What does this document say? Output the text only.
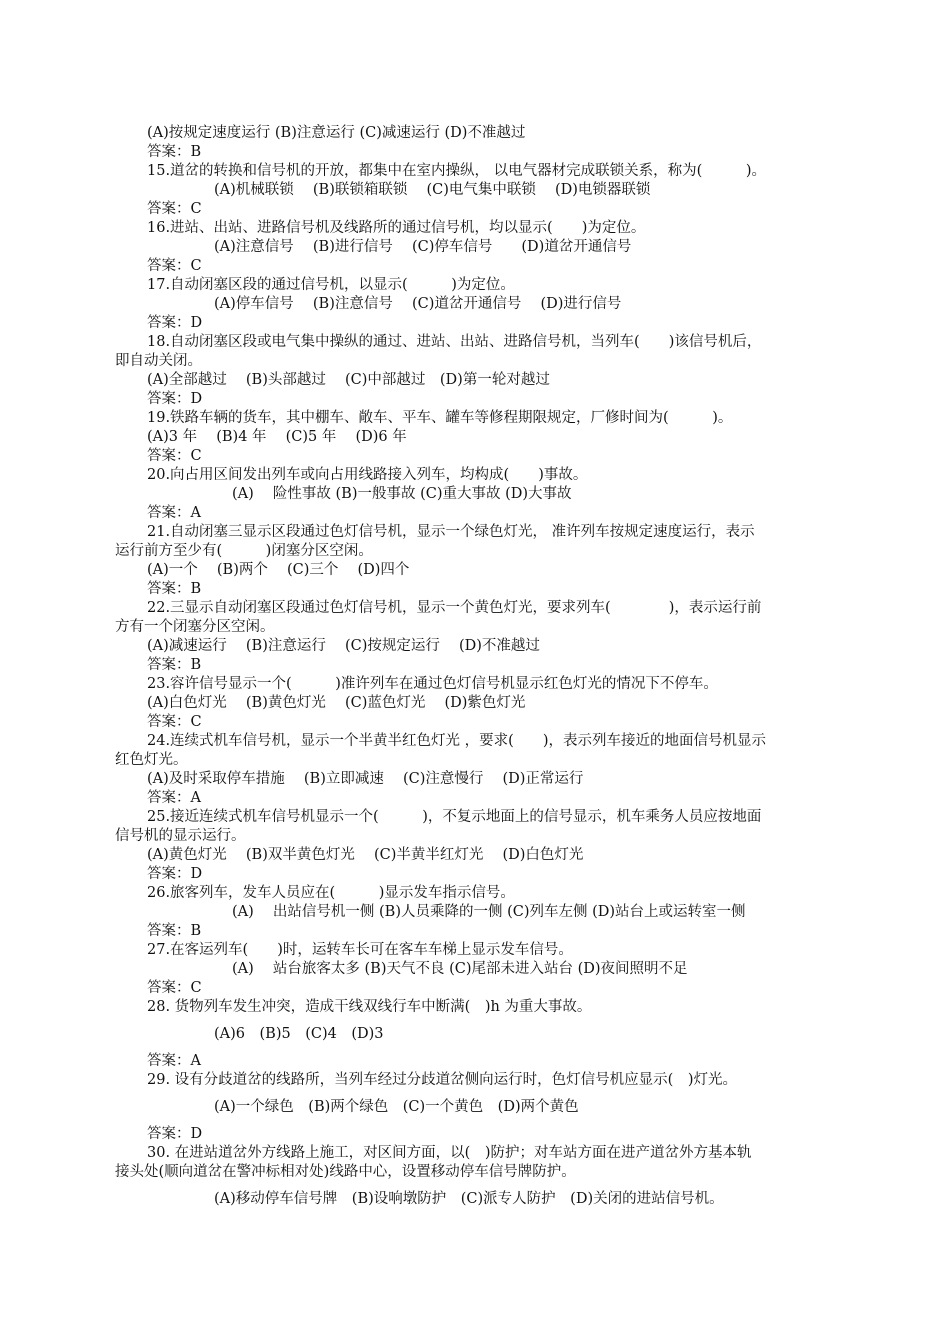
(A)按规定速度运行 (B)注意运行 (C)减速运行 (D)不准越过
答案：B
15.道岔的转换和信号机的开放，都集中在室内操纵， 以电气器材完成联锁关系，称为(　　　)。
(A)机械联锁　 (B)联锁箱联锁　 (C)电气集中联锁　 (D)电锁器联锁
答案：C
16.进站、出站、进路信号机及线路所的通过信号机，均以显示(　　)为定位。
(A)注意信号　 (B)进行信号　 (C)停车信号　　(D)道岔开通信号
答案：C
17.自动闭塞区段的通过信号机，以显示(　　　)为定位。
(A)停车信号　 (B)注意信号　 (C)道岔开通信号　 (D)进行信号
答案：D
18.自动闭塞区段或电气集中操纵的通过、进站、出站、进路信号机，当列车(　　)该信号机后，
即自动关闭。
(A)全部越过　 (B)头部越过　 (C)中部越过　(D)第一轮对越过
答案：D
19.铁路车辆的货车，其中棚车、敞车、平车、罐车等修程期限规定，厂修时间为(　　　)。
(A)3 年　 (B)4 年　 (C)5 年　 (D)6 年
答案：C
20.向占用区间发出列车或向占用线路接入列车，均构成(　　)事故。
(A)　 险性事故 (B)一般事故 (C)重大事故 (D)大事故
答案：A
21.自动闭塞三显示区段通过色灯信号机，显示一个绿色灯光， 准许列车按规定速度运行，表示
运行前方至少有(　　　)闭塞分区空闲。
(A)一个　 (B)两个　 (C)三个　 (D)四个
答案：B
22.三显示自动闭塞区段通过色灯信号机，显示一个黄色灯光，要求列车(　　　　)，表示运行前
方有一个闭塞分区空闲。
(A)减速运行　 (B)注意运行　 (C)按规定运行　 (D)不准越过
答案：B
23.容许信号显示一个(　　　)准许列车在通过色灯信号机显示红色灯光的情况下不停车。
(A)白色灯光　 (B)黄色灯光　 (C)蓝色灯光　 (D)紫色灯光
答案：C
24.连续式机车信号机，显示一个半黄半红色灯光 ，要求(　　)，表示列车接近的地面信号机显示
红色灯光。
(A)及时采取停车措施　 (B)立即减速　 (C)注意慢行　 (D)正常运行
答案：A
25.接近连续式机车信号机显示一个(　　　)，不复示地面上的信号显示，机车乘务人员应按地面
信号机的显示运行。
(A)黄色灯光　 (B)双半黄色灯光　 (C)半黄半红灯光　 (D)白色灯光
答案：D
26.旅客列车，发车人员应在(　　　)显示发车指示信号。
(A)　 出站信号机一侧 (B)人员乘降的一侧 (C)列车左侧 (D)站台上或运转室一侧
答案：B
27.在客运列车(　　)时，运转车长可在客车车梯上显示发车信号。
(A)　 站台旅客太多 (B)天气不良 (C)尾部未进入站台 (D)夜间照明不足
答案：C
28. 货物列车发生冲突，造成干线双线行车中断满(　)h 为重大事故。
(A)6　(B)5　(C)4　(D)3
答案：A
29. 设有分歧道岔的线路所，当列车经过分歧道岔侧向运行时，色灯信号机应显示(　)灯光。
(A)一个绿色　(B)两个绿色　(C)一个黄色　(D)两个黄色
答案：D
30. 在进站道岔外方线路上施工，对区间方面，以(　)防护；对车站方面在进产道岔外方基本轨
接头处(顺向道岔在警冲标相对处)线路中心，设置移动停车信号牌防护。
(A)移动停车信号牌　(B)设响墩防护　(C)派专人防护　(D)关闭的进站信号机。
